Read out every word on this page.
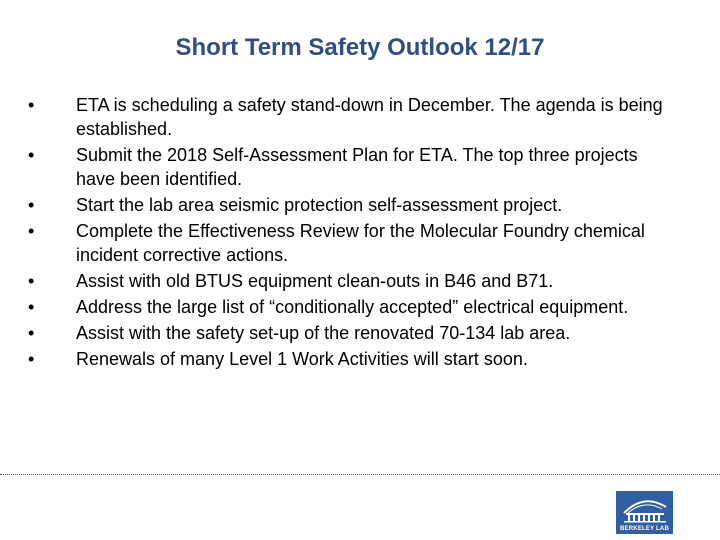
Short Term Safety Outlook 12/17
•	ETA is scheduling a safety stand-down in December. The agenda is being established.
•	Submit the 2018 Self-Assessment Plan for ETA. The top three projects have been identified.
•	Start the lab area seismic protection self-assessment project.
•	Complete the Effectiveness Review for the Molecular Foundry chemical incident corrective actions.
•	Assist with old BTUS equipment clean-outs in B46 and B71.
•	Address the large list of “conditionally accepted” electrical equipment.
•	Assist with the safety set-up of the renovated 70-134 lab area.
•	Renewals of many Level 1 Work Activities will start soon.
BERKELEY LAB
